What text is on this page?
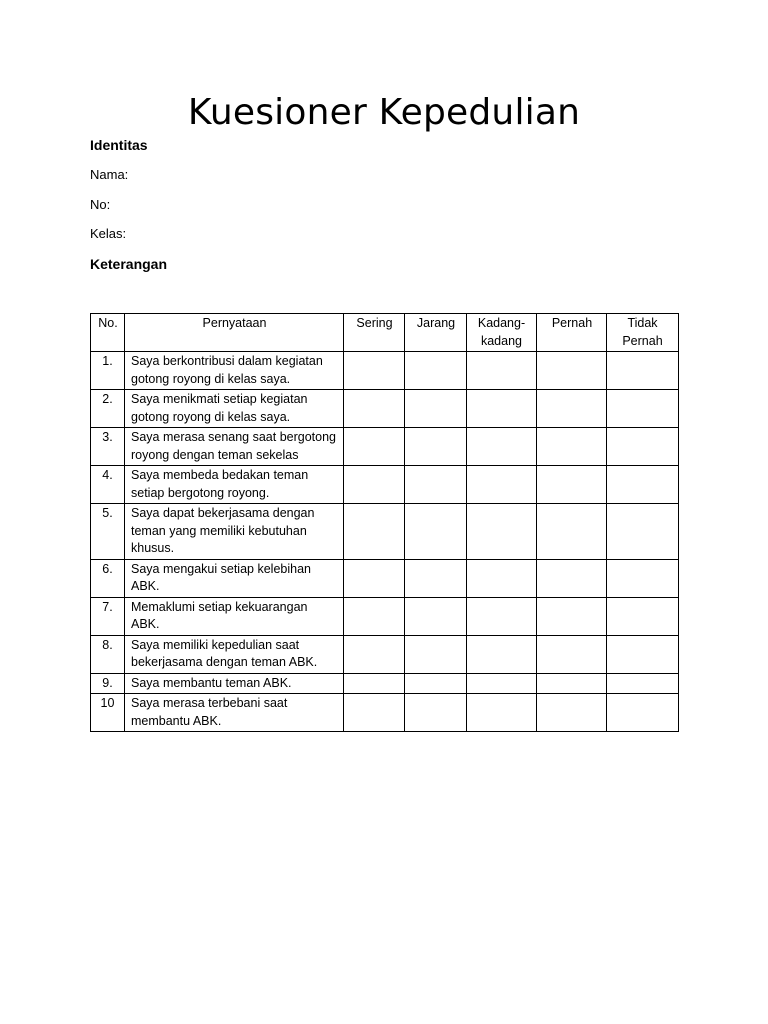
Kuesioner Kepedulian
Identitas
Nama:
No:
Kelas:
Keterangan
No.	Pernyataan	Sering	Jarang	Kadang-kadang	Pernah	Tidak Pernah
1.	Saya berkontribusi dalam kegiatan gotong royong di kelas saya.					
2.	Saya menikmati setiap kegiatan gotong royong di kelas saya.					
3.	Saya merasa senang saat bergotong royong dengan teman sekelas					
4.	Saya membeda bedakan teman setiap bergotong royong.					
5.	Saya dapat bekerjasama dengan teman yang memiliki kebutuhan khusus.					
6.	Saya mengakui setiap kelebihan ABK.					
7.	Memaklumi setiap kekuarangan ABK.					
8.	Saya memiliki kepedulian saat bekerjasama dengan teman ABK.					
9.	Saya membantu teman ABK.					
10	Saya merasa terbebani saat membantu ABK.					
